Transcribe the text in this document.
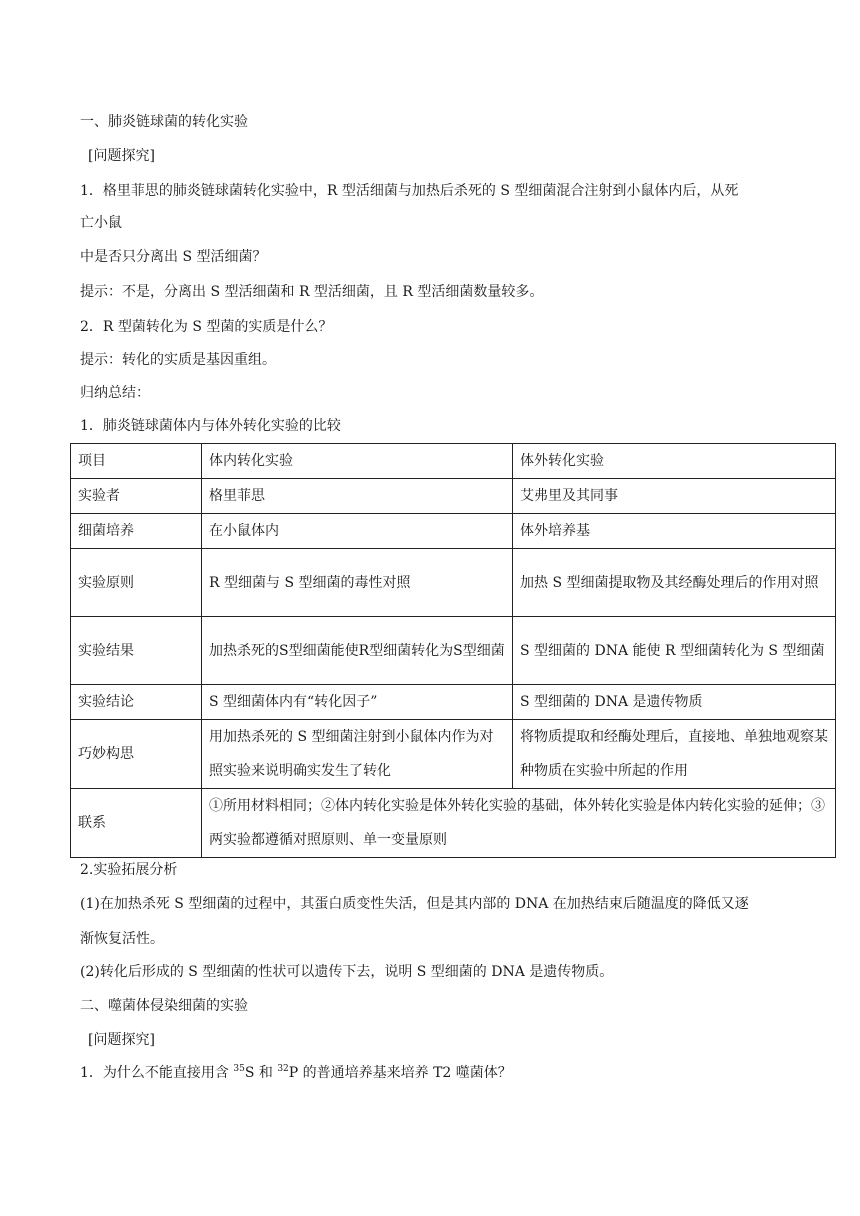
一、肺炎链球菌的转化实验
[问题探究]
1．格里菲思的肺炎链球菌转化实验中，R 型活细菌与加热后杀死的 S 型细菌混合注射到小鼠体内后，从死
亡小鼠
中是否只分离出 S 型活细菌？
提示：不是，分离出 S 型活细菌和 R 型活细菌，且 R 型活细菌数量较多。
2．R 型菌转化为 S 型菌的实质是什么？
提示：转化的实质是基因重组。
归纳总结：
1．肺炎链球菌体内与体外转化实验的比较
项目	体内转化实验	体外转化实验
实验者	格里菲思	艾弗里及其同事
细菌培养	在小鼠体内	体外培养基
实验原则	R 型细菌与 S 型细菌的毒性对照	加热 S 型细菌提取物及其经酶处理后的作用对照
实验结果	加热杀死的S型细菌能使R型细菌转化为S型细菌	S 型细菌的 DNA 能使 R 型细菌转化为 S 型细菌
实验结论	S 型细菌体内有“转化因子”	S 型细菌的 DNA 是遗传物质
巧妙构思	用加热杀死的 S 型细菌注射到小鼠体内作为对照实验来说明确实发生了转化	将物质提取和经酶处理后，直接地、单独地观察某种物质在实验中所起的作用
联系	①所用材料相同；②体内转化实验是体外转化实验的基础，体外转化实验是体内转化实验的延伸；③两实验都遵循对照原则、单一变量原则	
2.实验拓展分析
(1)在加热杀死 S 型细菌的过程中，其蛋白质变性失活，但是其内部的 DNA 在加热结束后随温度的降低又逐
渐恢复活性。
(2)转化后形成的 S 型细菌的性状可以遗传下去，说明 S 型细菌的 DNA 是遗传物质。
二、噬菌体侵染细菌的实验
[问题探究]
1．为什么不能直接用含 $^{35}$S 和 $^{32}$P 的普通培养基来培养 T2 噬菌体？
